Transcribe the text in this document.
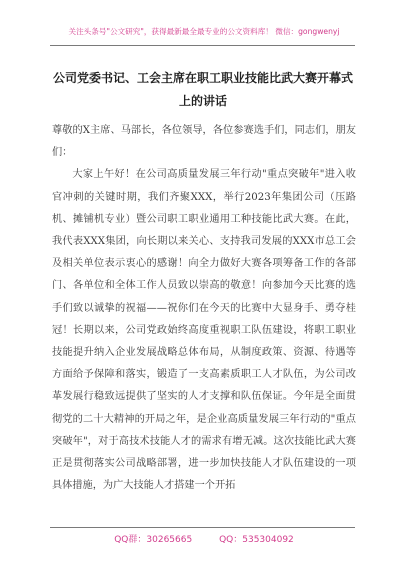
关注头条号"公文研究"，获得最新最全最专业的公文资料库！ 微信：gongwenyj
公司党委书记、工会主席在职工职业技能比武大赛开幕式上的讲话

尊敬的X主席、马部长，各位领导，各位参赛选手们，同志们，朋友们：

大家上午好！在公司高质量发展三年行动"重点突破年"进入收官冲刺的关键时期，我们齐聚XXX，举行2023年集团公司（压路机、摊铺机专业）暨公司职工职业通用工种技能比武大赛。在此，我代表XXX集团，向长期以来关心、支持我司发展的XXX市总工会及相关单位表示衷心的感谢！向全力做好大赛各项筹备工作的各部门、各单位和全体工作人员致以崇高的敬意！向参加今天比赛的选手们致以诚挚的祝福——祝你们在今天的比赛中大显身手、勇夺桂冠！长期以来，公司党政始终高度重视职工队伍建设，将职工职业技能提升纳入企业发展战略总体布局，从制度政策、资源、待遇等方面给予保障和落实，锻造了一支高素质职工人才队伍，为公司改革发展行稳致远提供了坚实的人才支撑和队伍保证。今年是全面贯彻党的二十大精神的开局之年，是企业高质量发展三年行动的"重点突破年"，对于高技术技能人才的需求有增无减。这次技能比武大赛正是贯彻落实公司战略部署，进一步加快技能人才队伍建设的一项具体措施，为广大技能人才搭建一个开拓

QQ群：30265665	QQ：535304092
